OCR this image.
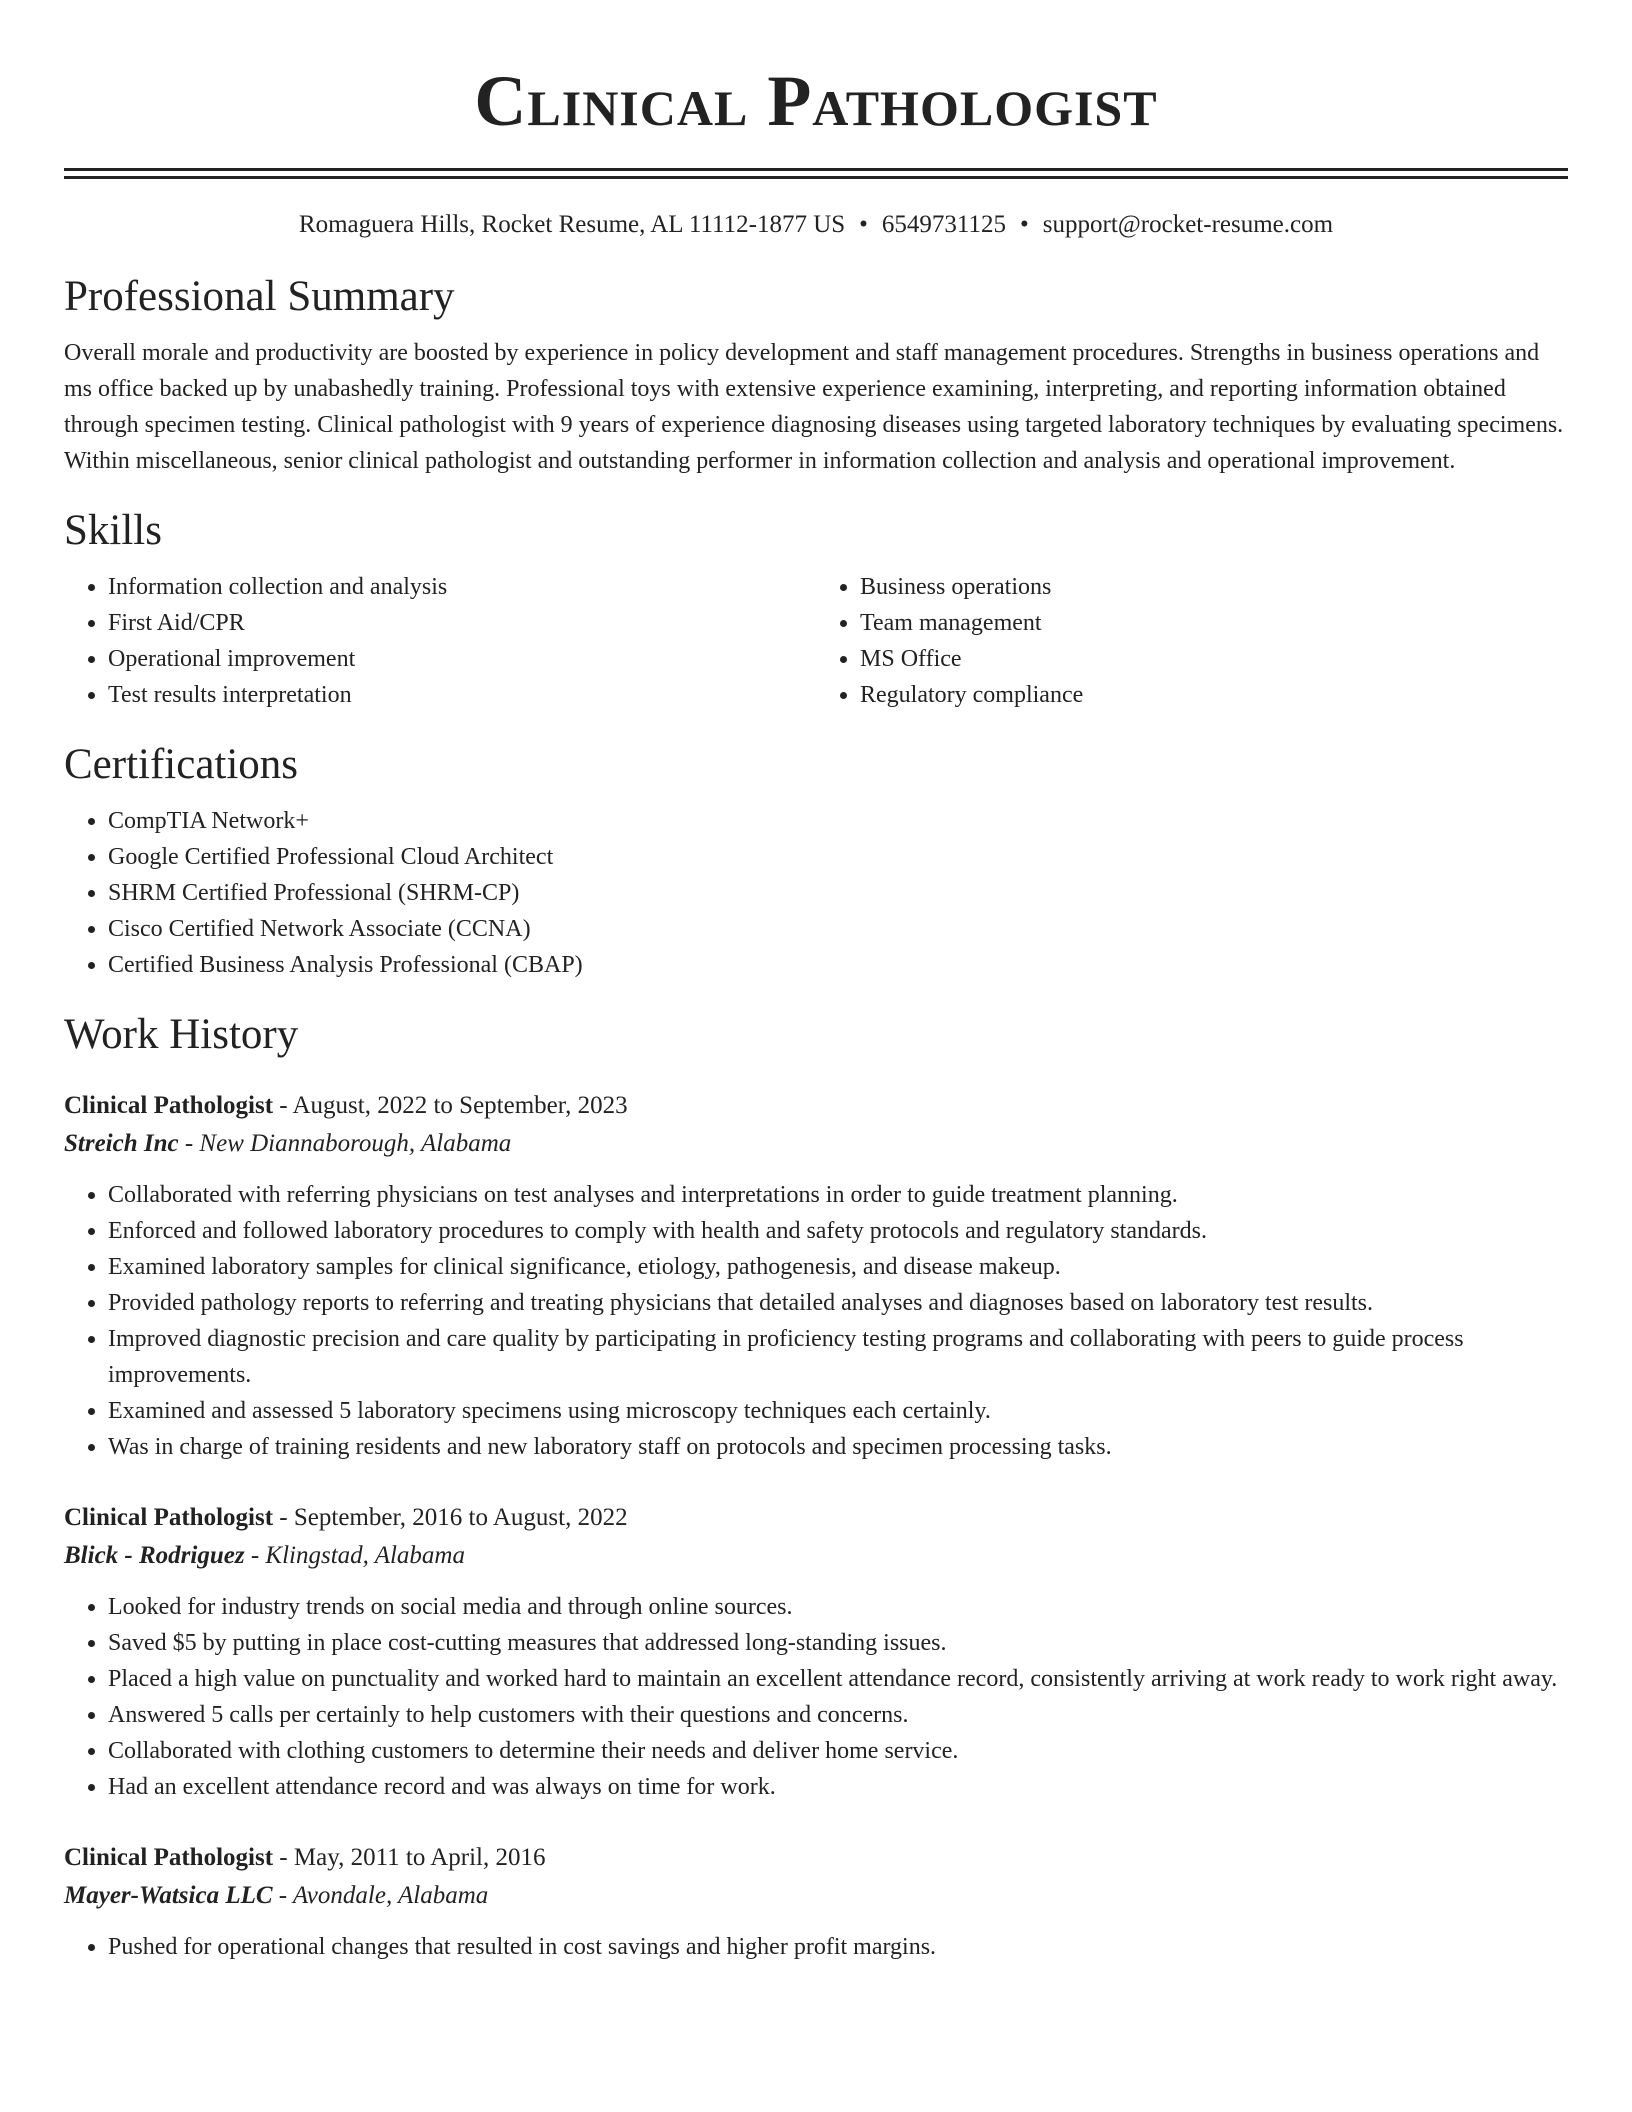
Clinical Pathologist
Romaguera Hills, Rocket Resume, AL 11112-1877 US • 6549731125 • support@rocket-resume.com
Professional Summary

Overall morale and productivity are boosted by experience in policy development and staff management procedures. Strengths in business operations and ms office backed up by unabashedly training. Professional toys with extensive experience examining, interpreting, and reporting information obtained through specimen testing. Clinical pathologist with 9 years of experience diagnosing diseases using targeted laboratory techniques by evaluating specimens. Within miscellaneous, senior clinical pathologist and outstanding performer in information collection and analysis and operational improvement.

Skills
• Information collection and analysis
• First Aid/CPR
• Operational improvement
• Test results interpretation
• Business operations
• Team management
• MS Office
• Regulatory compliance
Certifications
• CompTIA Network+
• Google Certified Professional Cloud Architect
• SHRM Certified Professional (SHRM-CP)
• Cisco Certified Network Associate (CCNA)
• Certified Business Analysis Professional (CBAP)
Work History
Clinical Pathologist - August, 2022 to September, 2023
Streich Inc - New Diannaborough, Alabama
• Collaborated with referring physicians on test analyses and interpretations in order to guide treatment planning.
• Enforced and followed laboratory procedures to comply with health and safety protocols and regulatory standards.
• Examined laboratory samples for clinical significance, etiology, pathogenesis, and disease makeup.
• Provided pathology reports to referring and treating physicians that detailed analyses and diagnoses based on laboratory test results.
• Improved diagnostic precision and care quality by participating in proficiency testing programs and collaborating with peers to guide process improvements.
• Examined and assessed 5 laboratory specimens using microscopy techniques each certainly.
• Was in charge of training residents and new laboratory staff on protocols and specimen processing tasks.
Clinical Pathologist - September, 2016 to August, 2022
Blick - Rodriguez - Klingstad, Alabama
• Looked for industry trends on social media and through online sources.
• Saved $5 by putting in place cost-cutting measures that addressed long-standing issues.
• Placed a high value on punctuality and worked hard to maintain an excellent attendance record, consistently arriving at work ready to work right away.
• Answered 5 calls per certainly to help customers with their questions and concerns.
• Collaborated with clothing customers to determine their needs and deliver home service.
• Had an excellent attendance record and was always on time for work.
Clinical Pathologist - May, 2011 to April, 2016
Mayer-Watsica LLC - Avondale, Alabama
• Pushed for operational changes that resulted in cost savings and higher profit margins.
